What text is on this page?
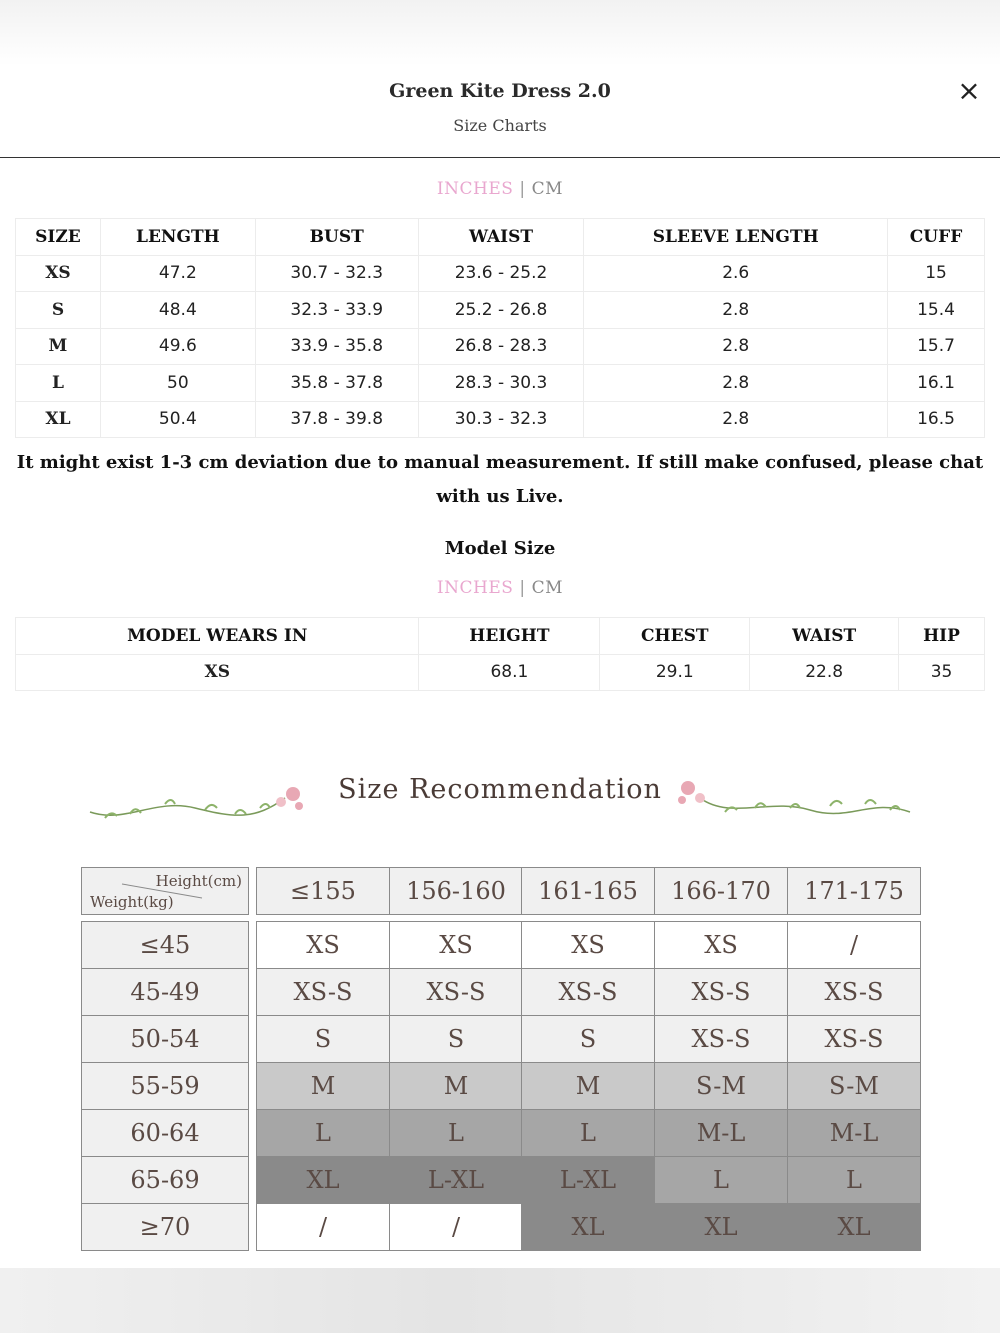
Green Kite Dress 2.0
Size Charts
×
INCHES | CM
SIZE	LENGTH	BUST	WAIST	SLEEVE LENGTH	CUFF
XS	47.2	30.7 - 32.3	23.6 - 25.2	2.6	15
S	48.4	32.3 - 33.9	25.2 - 26.8	2.8	15.4
M	49.6	33.9 - 35.8	26.8 - 28.3	2.8	15.7
L	50	35.8 - 37.8	28.3 - 30.3	2.8	16.1
XL	50.4	37.8 - 39.8	30.3 - 32.3	2.8	16.5
It might exist 1-3 cm deviation due to manual measurement. If still make confused, please chat with us Live.
Model Size
INCHES | CM
MODEL WEARS IN	HEIGHT	CHEST	WAIST	HIP
XS	68.1	29.1	22.8	35
Size Recommendation
Height(cm)
Weight(kg)	≤155	156-160	161-165	166-170	171-175
≤45	XS	XS	XS	XS	/
45-49	XS-S	XS-S	XS-S	XS-S	XS-S
50-54	S	S	S	XS-S	XS-S
55-59	M	M	M	S-M	S-M
60-64	L	L	L	M-L	M-L
65-69	XL	L-XL	L-XL	L	L
≥70	/	/	XL	XL	XL
